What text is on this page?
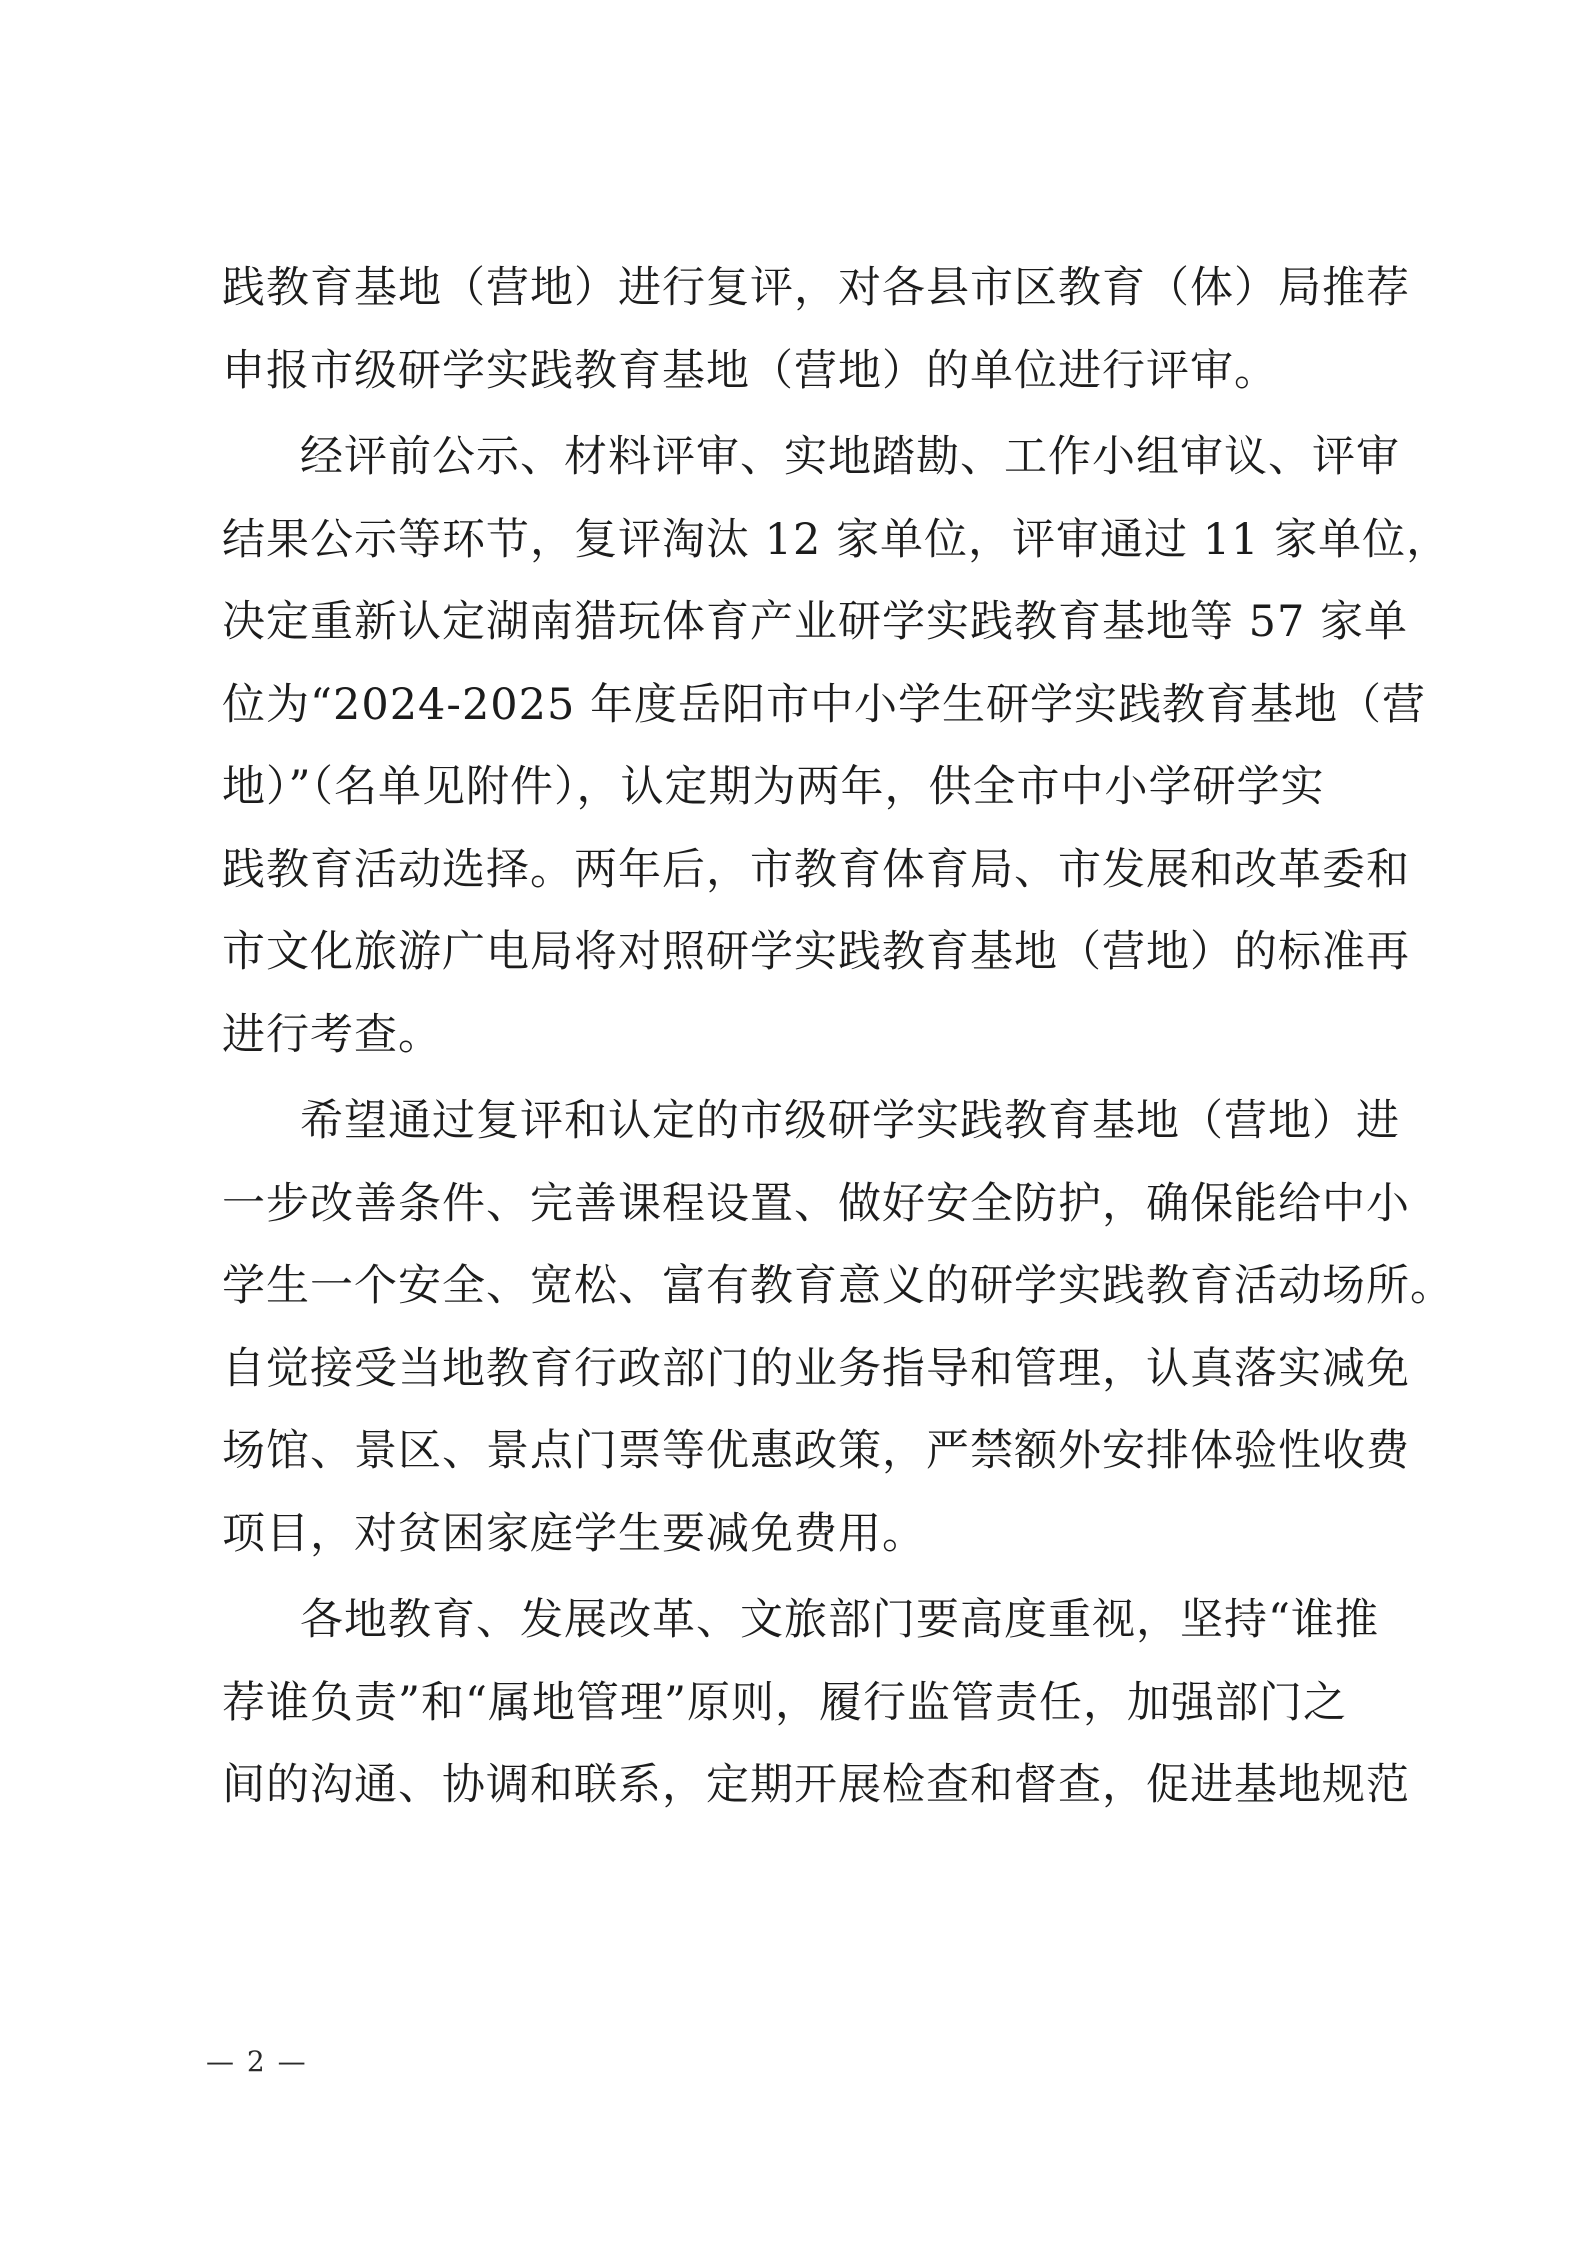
践教育基地（营地）进行复评，对各县市区教育（体）局推荐
申报市级研学实践教育基地（营地）的单位进行评审。
经评前公示、材料评审、实地踏勘、工作小组审议、评审
结果公示等环节，复评淘汰 12 家单位，评审通过 11 家单位，
决定重新认定湖南猎玩体育产业研学实践教育基地等 57 家单
位为“2024-2025 年度岳阳市中小学生研学实践教育基地（营
地）”（名单见附件），认定期为两年，供全市中小学研学实
践教育活动选择。两年后，市教育体育局、市发展和改革委和
市文化旅游广电局将对照研学实践教育基地（营地）的标准再
进行考查。
希望通过复评和认定的市级研学实践教育基地（营地）进
一步改善条件、完善课程设置、做好安全防护，确保能给中小
学生一个安全、宽松、富有教育意义的研学实践教育活动场所。
自觉接受当地教育行政部门的业务指导和管理，认真落实减免
场馆、景区、景点门票等优惠政策，严禁额外安排体验性收费
项目，对贫困家庭学生要减免费用。
各地教育、发展改革、文旅部门要高度重视，坚持“谁推
荐谁负责”和“属地管理”原则，履行监管责任，加强部门之
间的沟通、协调和联系，定期开展检查和督查，促进基地规范
— 2 —
